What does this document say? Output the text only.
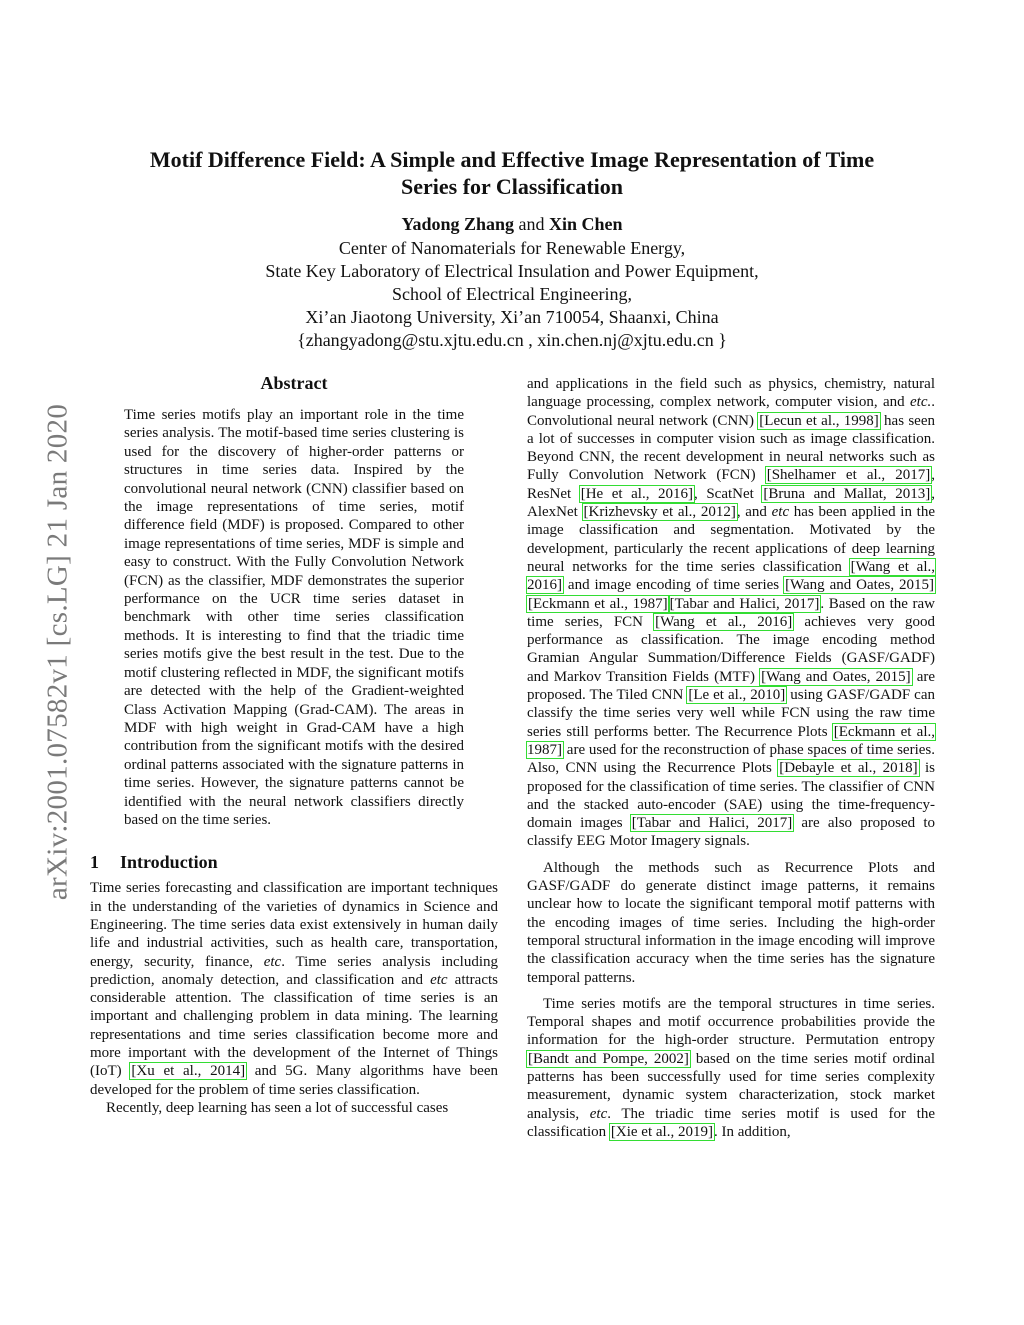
arXiv:2001.07582v1 [cs.LG] 21 Jan 2020
Motif Difference Field: A Simple and Effective Image Representation of Time
Series for Classification
Yadong Zhang and Xin Chen
Center of Nanomaterials for Renewable Energy,
State Key Laboratory of Electrical Insulation and Power Equipment,
School of Electrical Engineering,
Xi’an Jiaotong University, Xi’an 710054, Shaanxi, China
{zhangyadong@stu.xjtu.edu.cn , xin.chen.nj@xjtu.edu.cn }
Abstract

Time series motifs play an important role in the time series analysis. The motif-based time series clustering is used for the discovery of higher-order patterns or structures in time series data. Inspired by the convolutional neural network (CNN) classifier based on the image representations of time series, motif difference field (MDF) is proposed. Compared to other image representations of time series, MDF is simple and easy to construct. With the Fully Convolution Network (FCN) as the classifier, MDF demonstrates the superior performance on the UCR time series dataset in benchmark with other time series classification methods. It is interesting to find that the triadic time series motifs give the best result in the test. Due to the motif clustering reflected in MDF, the significant motifs are detected with the help of the Gradient-weighted Class Activation Mapping (Grad-CAM). The areas in MDF with high weight in Grad-CAM have a high contribution from the significant motifs with the desired ordinal patterns associated with the signature patterns in time series. However, the signature patterns cannot be identified with the neural network classifiers directly based on the time series.

1 Introduction

Time series forecasting and classification are important techniques in the understanding of the varieties of dynamics in Science and Engineering. The time series data exist extensively in human daily life and industrial activities, such as health care, transportation, energy, security, finance, etc. Time series analysis including prediction, anomaly detection, and classification and etc attracts considerable attention. The classification of time series is an important and challenging problem in data mining. The learning representations and time series classification become more and more important with the development of the Internet of Things (IoT) [Xu et al., 2014] and 5G. Many algorithms have been developed for the problem of time series classification.

Recently, deep learning has seen a lot of successful cases

and applications in the field such as physics, chemistry, natural language processing, complex network, computer vision, and etc.. Convolutional neural network (CNN) [Lecun et al., 1998] has seen a lot of successes in computer vision such as image classification. Beyond CNN, the recent development in neural networks such as Fully Convolution Network (FCN) [Shelhamer et al., 2017], ResNet [He et al., 2016], ScatNet [Bruna and Mallat, 2013], AlexNet [Krizhevsky et al., 2012], and etc has been applied in the image classification and segmentation. Motivated by the development, particularly the recent applications of deep learning neural networks for the time series classification [Wang et al., 2016] and image encoding of time series [Wang and Oates, 2015][Eckmann et al., 1987] [Tabar and Halici, 2017]. Based on the raw time series, FCN [Wang et al., 2016] achieves very good performance as classification. The image encoding method Gramian Angular Summation/Difference Fields (GASF/GADF) and Markov Transition Fields (MTF) [Wang and Oates, 2015] are proposed. The Tiled CNN [Le et al., 2010] using GASF/GADF can classify the time series very well while FCN using the raw time series still performs better. The Recurrence Plots [Eckmann et al., 1987] are used for the reconstruction of phase spaces of time series. Also, CNN using the Recurrence Plots [Debayle et al., 2018] is proposed for the classification of time series. The classifier of CNN and the stacked auto-encoder (SAE) using the time-frequency-domain images [Tabar and Halici, 2017] are also proposed to classify EEG Motor Imagery signals.

Although the methods such as Recurrence Plots and GASF/GADF do generate distinct image patterns, it remains unclear how to locate the significant temporal motif patterns with the encoding images of time series. Including the high-order temporal structural information in the image encoding will improve the classification accuracy when the time series has the signature temporal patterns.

Time series motifs are the temporal structures in time series. Temporal shapes and motif occurrence probabilities provide the information for the high-order structure. Permutation entropy [Bandt and Pompe, 2002] based on the time series motif ordinal patterns has been successfully used for time series complexity measurement, dynamic system characterization, stock market analysis, etc. The triadic time series motif is used for the classification [Xie et al., 2019]. In addition,
